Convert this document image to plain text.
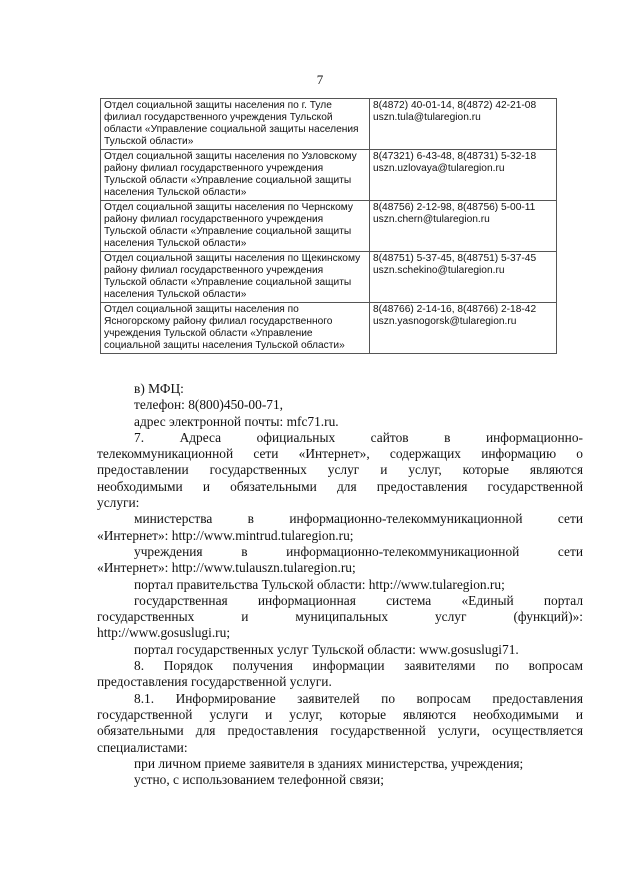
7
Отдел социальной защиты населения по г. Туле филиал государственного учреждения Тульской области «Управление социальной защиты населения Тульской области»	8(4872) 40-01-14, 8(4872) 42-21-08
uszn.tula@tularegion.ru

Отдел социальной защиты населения по Узловскому району филиал государственного учреждения Тульской области «Управление социальной защиты населения Тульской области»	8(47321) 6-43-48, 8(48731) 5-32-18
uszn.uzlovaya@tularegion.ru

Отдел социальной защиты населения по Чернскому району филиал государственного учреждения Тульской области «Управление социальной защиты населения Тульской области»	8(48756) 2-12-98, 8(48756) 5-00-11
uszn.chern@tularegion.ru

Отдел социальной защиты населения по Щекинскому району филиал государственного учреждения Тульской области «Управление социальной защиты населения Тульской области»	8(48751) 5-37-45, 8(48751) 5-37-45
uszn.schekino@tularegion.ru

Отдел социальной защиты населения по Ясногорскому району филиал государственного учреждения Тульской области «Управление социальной защиты населения Тульской области»	8(48766) 2-14-16, 8(48766) 2-18-42
uszn.yasnogorsk@tularegion.ru

в) МФЦ:

телефон: 8(800)450-00-71,

адрес электронной почты: mfc71.ru.

7. Адреса официальных сайтов в информационно-

телекоммуникационной сети «Интернет», содержащих информацию о

предоставлении государственных услуг и услуг, которые являются

необходимыми и обязательными для предоставления государственной

услуги:

министерства в информационно-телекоммуникационной сети

«Интернет»: http://www.mintrud.tularegion.ru;

учреждения в информационно-телекоммуникационной сети

«Интернет»: http://www.tulauszn.tularegion.ru;

портал правительства Тульской области: http://www.tularegion.ru;

государственная информационная система «Единый портал

государственных и муниципальных услуг (функций)»:

http://www.gosuslugi.ru;

портал государственных услуг Тульской области: www.gosuslugi71.

8. Порядок получения информации заявителями по вопросам

предоставления государственной услуги.

8.1. Информирование заявителей по вопросам предоставления

государственной услуги и услуг, которые являются необходимыми и

обязательными для предоставления государственной услуги, осуществляется

специалистами:

при личном приеме заявителя в зданиях министерства, учреждения;

устно, с использованием телефонной связи;
